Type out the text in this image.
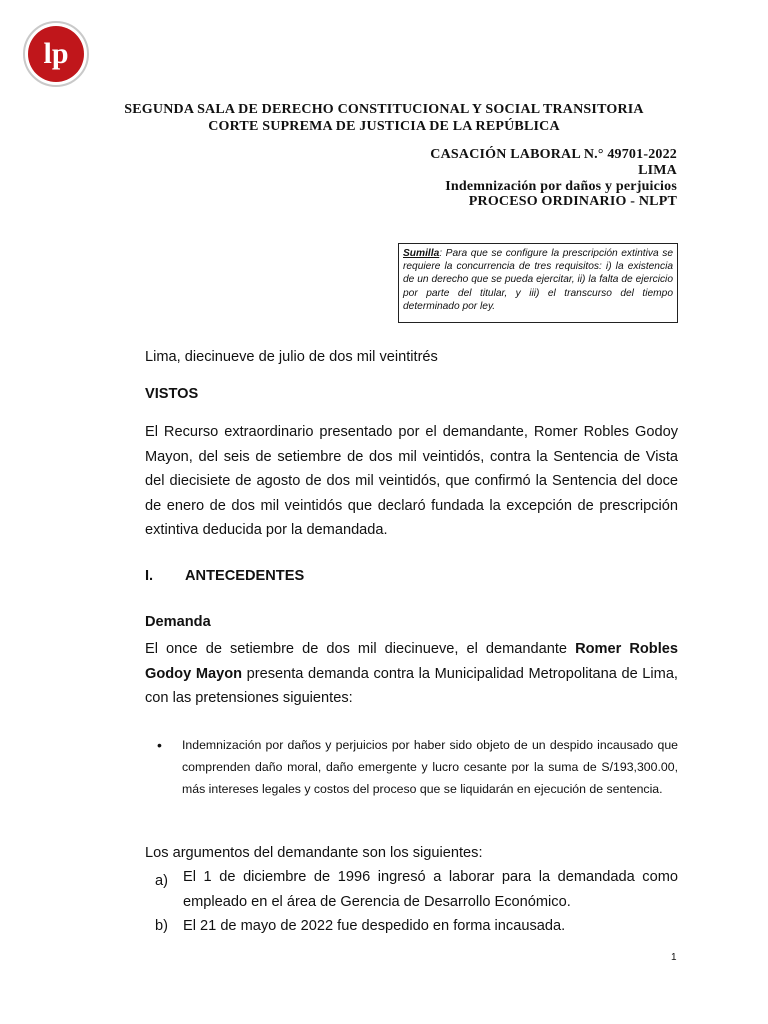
lp
SEGUNDA SALA DE DERECHO CONSTITUCIONAL Y SOCIAL TRANSITORIA
CORTE SUPREMA DE JUSTICIA DE LA REPÚBLICA
CASACIÓN LABORAL N.° 49701-2022
LIMA
Indemnización por daños y perjuicios
PROCESO ORDINARIO - NLPT
Sumilla: Para que se configure la prescripción extintiva se requiere la concurrencia de tres requisitos: i) la existencia de un derecho que se pueda ejercitar, ii) la falta de ejercicio por parte del titular, y iii) el transcurso del tiempo determinado por ley.
Lima, diecinueve de julio de dos mil veintitrés
VISTOS
El Recurso extraordinario presentado por el demandante, Romer Robles Godoy Mayon, del seis de setiembre de dos mil veintidós, contra la Sentencia de Vista del diecisiete de agosto de dos mil veintidós, que confirmó la Sentencia del doce de enero de dos mil veintidós que declaró fundada la excepción de prescripción extintiva deducida por la demandada.
I.	ANTECEDENTES
Demanda
El once de setiembre de dos mil diecinueve, el demandante Romer Robles Godoy Mayon presenta demanda contra la Municipalidad Metropolitana de Lima, con las pretensiones siguientes:
• Indemnización por daños y perjuicios por haber sido objeto de un despido incausado que comprenden daño moral, daño emergente y lucro cesante por la suma de S/193,300.00, más intereses legales y costos del proceso que se liquidarán en ejecución de sentencia.
Los argumentos del demandante son los siguientes:
a) El 1 de diciembre de 1996 ingresó a laborar para la demandada como empleado en el área de Gerencia de Desarrollo Económico.
b) El 21 de mayo de 2022 fue despedido en forma incausada.
1
